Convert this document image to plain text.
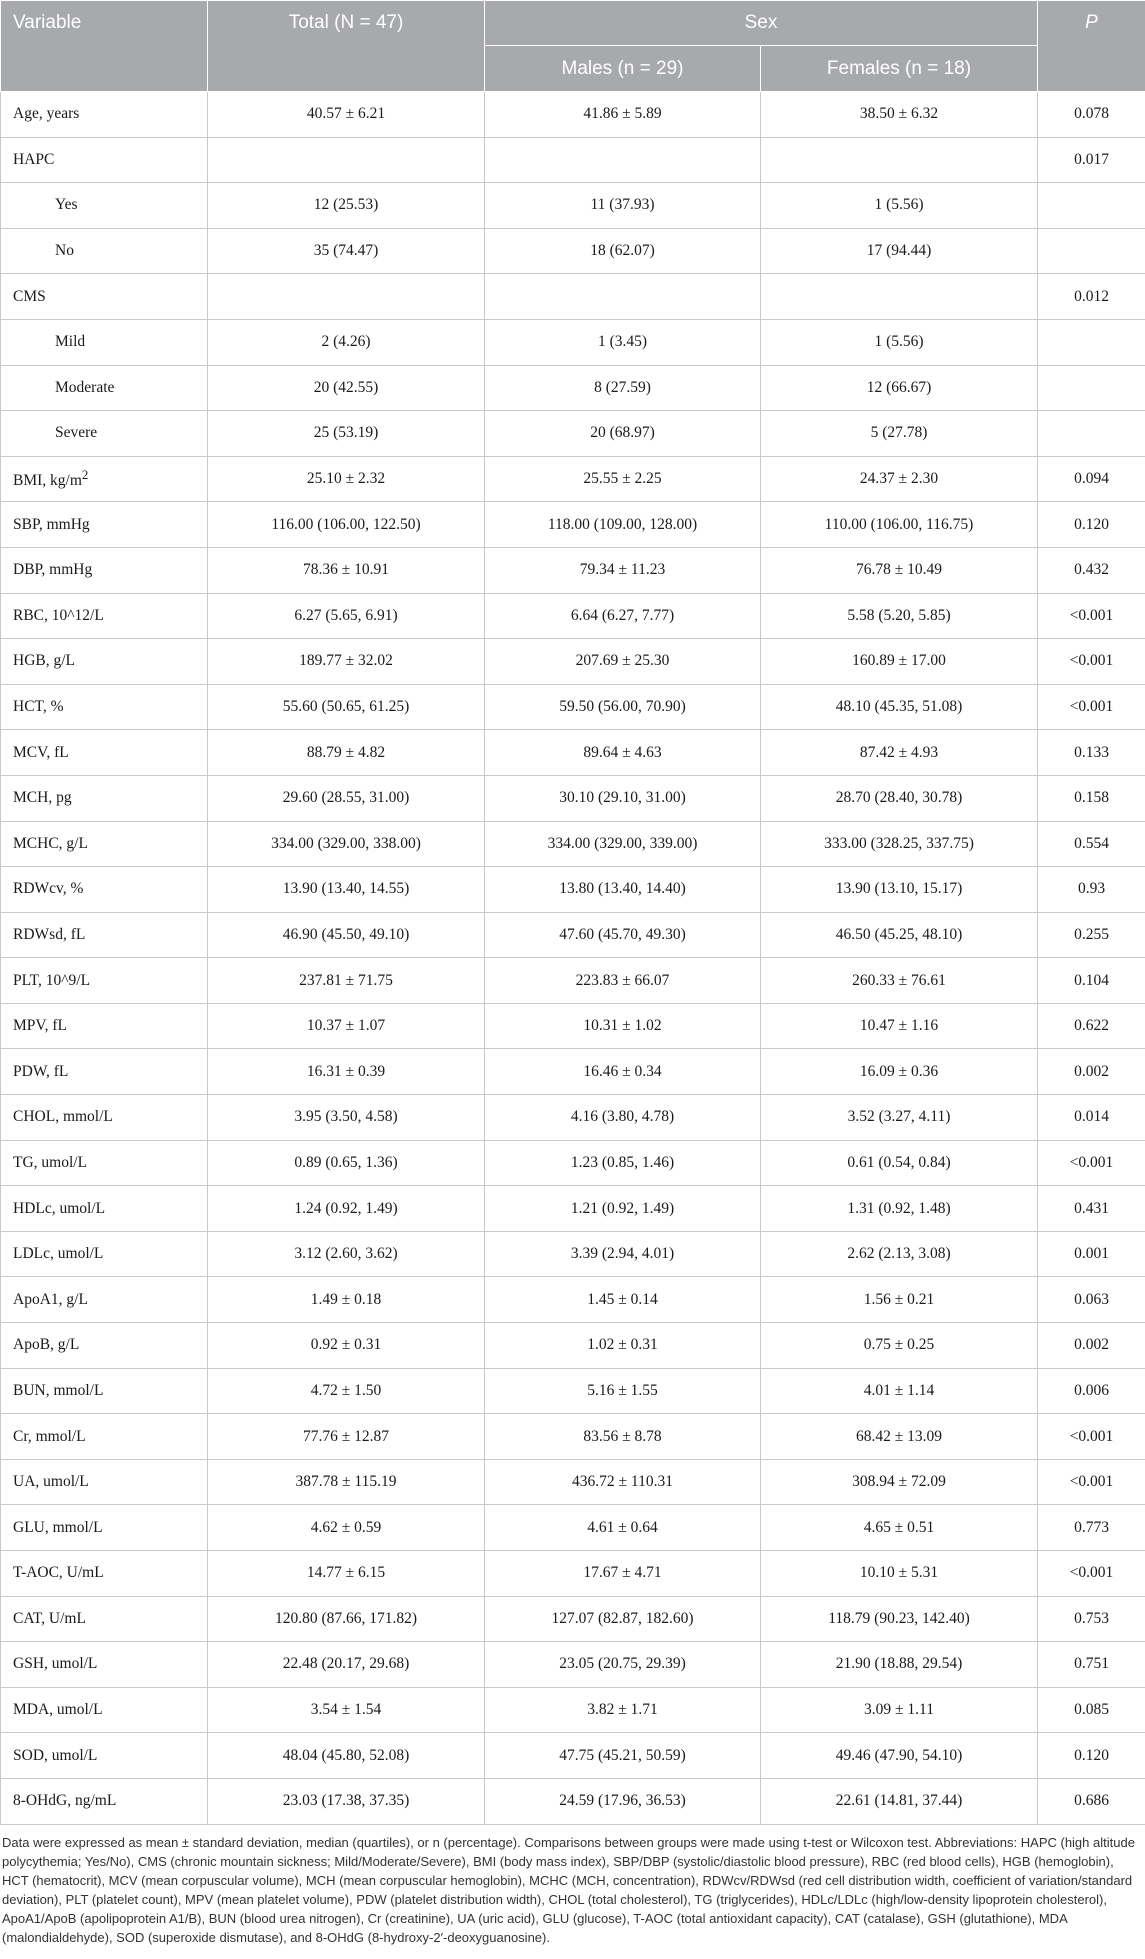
Variable	Total (N = 47)	Sex		P
		Males (n = 29)	Females (n = 18)	
Age, years	40.57 ± 6.21	41.86 ± 5.89	38.50 ± 6.32	0.078
HAPC				0.017
Yes	12 (25.53)	11 (37.93)	1 (5.56)	
No	35 (74.47)	18 (62.07)	17 (94.44)	
CMS				0.012
Mild	2 (4.26)	1 (3.45)	1 (5.56)	
Moderate	20 (42.55)	8 (27.59)	12 (66.67)	
Severe	25 (53.19)	20 (68.97)	5 (27.78)	
BMI, $kg/m^2$	25.10 ± 2.32	25.55 ± 2.25	24.37 ± 2.30	0.094
SBP, mmHg	116.00 (106.00, 122.50)	118.00 (109.00, 128.00)	110.00 (106.00, 116.75)	0.120
DBP, mmHg	78.36 ± 10.91	79.34 ± 11.23	76.78 ± 10.49	0.432
RBC, 10^12/L	6.27 (5.65, 6.91)	6.64 (6.27, 7.77)	5.58 (5.20, 5.85)	<0.001
HGB, g/L	189.77 ± 32.02	207.69 ± 25.30	160.89 ± 17.00	<0.001
HCT, %	55.60 (50.65, 61.25)	59.50 (56.00, 70.90)	48.10 (45.35, 51.08)	<0.001
MCV, fL	88.79 ± 4.82	89.64 ± 4.63	87.42 ± 4.93	0.133
MCH, pg	29.60 (28.55, 31.00)	30.10 (29.10, 31.00)	28.70 (28.40, 30.78)	0.158
MCHC, g/L	334.00 (329.00, 338.00)	334.00 (329.00, 339.00)	333.00 (328.25, 337.75)	0.554
RDWcv, %	13.90 (13.40, 14.55)	13.80 (13.40, 14.40)	13.90 (13.10, 15.17)	0.93
RDWsd, fL	46.90 (45.50, 49.10)	47.60 (45.70, 49.30)	46.50 (45.25, 48.10)	0.255
PLT, 10^9/L	237.81 ± 71.75	223.83 ± 66.07	260.33 ± 76.61	0.104
MPV, fL	10.37 ± 1.07	10.31 ± 1.02	10.47 ± 1.16	0.622
PDW, fL	16.31 ± 0.39	16.46 ± 0.34	16.09 ± 0.36	0.002
CHOL, mmol/L	3.95 (3.50, 4.58)	4.16 (3.80, 4.78)	3.52 (3.27, 4.11)	0.014
TG, umol/L	0.89 (0.65, 1.36)	1.23 (0.85, 1.46)	0.61 (0.54, 0.84)	<0.001
HDLc, umol/L	1.24 (0.92, 1.49)	1.21 (0.92, 1.49)	1.31 (0.92, 1.48)	0.431
LDLc, umol/L	3.12 (2.60, 3.62)	3.39 (2.94, 4.01)	2.62 (2.13, 3.08)	0.001
ApoA1, g/L	1.49 ± 0.18	1.45 ± 0.14	1.56 ± 0.21	0.063
ApoB, g/L	0.92 ± 0.31	1.02 ± 0.31	0.75 ± 0.25	0.002
BUN, mmol/L	4.72 ± 1.50	5.16 ± 1.55	4.01 ± 1.14	0.006
Cr, mmol/L	77.76 ± 12.87	83.56 ± 8.78	68.42 ± 13.09	<0.001
UA, umol/L	387.78 ± 115.19	436.72 ± 110.31	308.94 ± 72.09	<0.001
GLU, mmol/L	4.62 ± 0.59	4.61 ± 0.64	4.65 ± 0.51	0.773
T-AOC, U/mL	14.77 ± 6.15	17.67 ± 4.71	10.10 ± 5.31	<0.001
CAT, U/mL	120.80 (87.66, 171.82)	127.07 (82.87, 182.60)	118.79 (90.23, 142.40)	0.753
GSH, umol/L	22.48 (20.17, 29.68)	23.05 (20.75, 29.39)	21.90 (18.88, 29.54)	0.751
MDA, umol/L	3.54 ± 1.54	3.82 ± 1.71	3.09 ± 1.11	0.085
SOD, umol/L	48.04 (45.80, 52.08)	47.75 (45.21, 50.59)	49.46 (47.90, 54.10)	0.120
8-OHdG, ng/mL	23.03 (17.38, 37.35)	24.59 (17.96, 36.53)	22.61 (14.81, 37.44)	0.686
Data were expressed as mean ± standard deviation, median (quartiles), or n (percentage). Comparisons between groups were made using t-test or Wilcoxon test. Abbreviations: HAPC (high altitude polycythemia; Yes/No), CMS (chronic mountain sickness; Mild/Moderate/Severe), BMI (body mass index), SBP/DBP (systolic/diastolic blood pressure), RBC (red blood cells), HGB (hemoglobin), HCT (hematocrit), MCV (mean corpuscular volume), MCH (mean corpuscular hemoglobin), MCHC (MCH, concentration), RDWcv/RDWsd (red cell distribution width, coefficient of variation/standard deviation), PLT (platelet count), MPV (mean platelet volume), PDW (platelet distribution width), CHOL (total cholesterol), TG (triglycerides), HDLc/LDLc (high/low-density lipoprotein cholesterol), ApoA1/ApoB (apolipoprotein A1/B), BUN (blood urea nitrogen), Cr (creatinine), UA (uric acid), GLU (glucose), T-AOC (total antioxidant capacity), CAT (catalase), GSH (glutathione), MDA (malondialdehyde), SOD (superoxide dismutase), and 8-OHdG (8-hydroxy-2′-deoxyguanosine).
